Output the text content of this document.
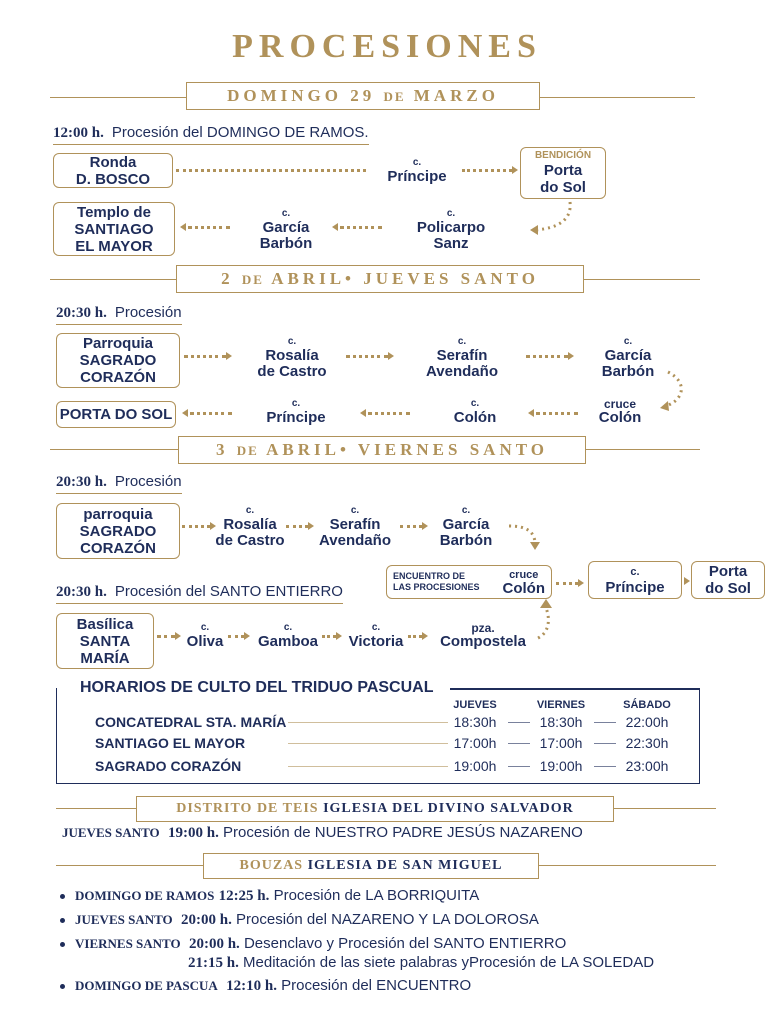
PROCESIONES
DOMINGO 29 DE MARZO
12:00 h. Procesión del DOMINGO DE RAMOS.
Ronda
D. BOSCO
c.
Príncipe
BENDICIÓN
Porta
do Sol
Templo de
SANTIAGO
EL MAYOR
c.
García
Barbón
c.
Policarpo
Sanz
2 DE ABRIL• JUEVES SANTO
20:30 h. Procesión
Parroquia
SAGRADO
CORAZÓN
c.
Rosalía
de Castro
c.
Serafín
Avendaño
c.
García
Barbón
PORTA DO SOL
c.
Príncipe
c.
Colón
cruce
Colón
3 DE ABRIL• VIERNES SANTO
20:30 h. Procesión
parroquia
SAGRADO
CORAZÓN
c.
Rosalía
de Castro
c.
Serafín
Avendaño
c.
García
Barbón
20:30 h. Procesión del SANTO ENTIERRO
ENCUENTRO DE
LAS PROCESIONES
cruce
Colón
c.
Príncipe
Porta
do Sol
Basílica
SANTA
MARÍA
c.
Oliva
c.
Gamboa
c.
Victoria
pza.
Compostela
HORARIOS DE CULTO DEL TRIDUO PASCUAL
JUEVES	VIERNES	SÁBADO
CONCATEDRAL STA. MARÍA	18:30h	18:30h	22:00h
SANTIAGO EL MAYOR	17:00h	17:00h	22:30h
SAGRADO CORAZÓN	19:00h	19:00h	23:00h
DISTRITO DE TEIS IGLESIA DEL DIVINO SALVADOR
JUEVES SANTO 19:00 h. Procesión de NUESTRO PADRE JESÚS NAZARENO
BOUZAS IGLESIA DE SAN MIGUEL
DOMINGO DE RAMOS 12:25 h. Procesión de LA BORRIQUITA
JUEVES SANTO 20:00 h. Procesión del NAZARENO Y LA DOLOROSA
VIERNES SANTO 20:00 h. Desenclavo y Procesión del SANTO ENTIERRO
21:15 h. Meditación de las siete palabras yProcesión de LA SOLEDAD
DOMINGO DE PASCUA 12:10 h. Procesión del ENCUENTRO
